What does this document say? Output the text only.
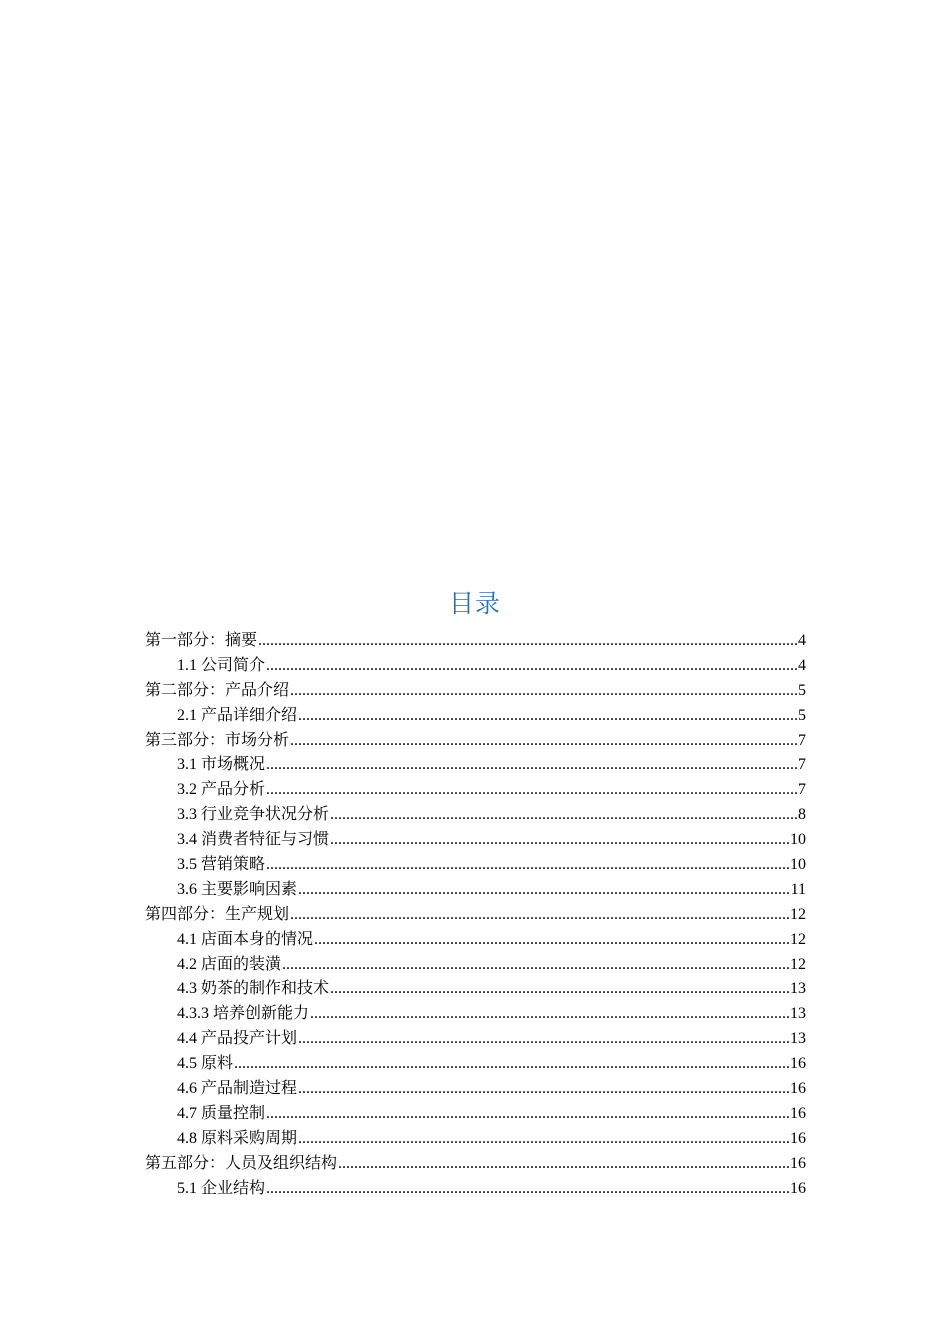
目录
第一部分：摘要 .....	4
1.1 公司简介 .....	4
第二部分：产品介绍 .....	5
2.1 产品详细介绍 .....	5
第三部分：市场分析 .....	7
3.1 市场概况 .....	7
3.2 产品分析 .....	7
3.3 行业竞争状况分析 .....	8
3.4 消费者特征与习惯 .....	10
3.5 营销策略 .....	10
3.6 主要影响因素 .....	11
第四部分：生产规划 .....	12
4.1 店面本身的情况 .....	12
4.2 店面的装潢 .....	12
4.3 奶茶的制作和技术 .....	13
4.3.3 培养创新能力 .....	13
4.4 产品投产计划 .....	13
4.5 原料 .....	16
4.6 产品制造过程 .....	16
4.7 质量控制 .....	16
4.8 原料采购周期 .....	16
第五部分：人员及组织结构 .....	16
5.1 企业结构 .....	16
